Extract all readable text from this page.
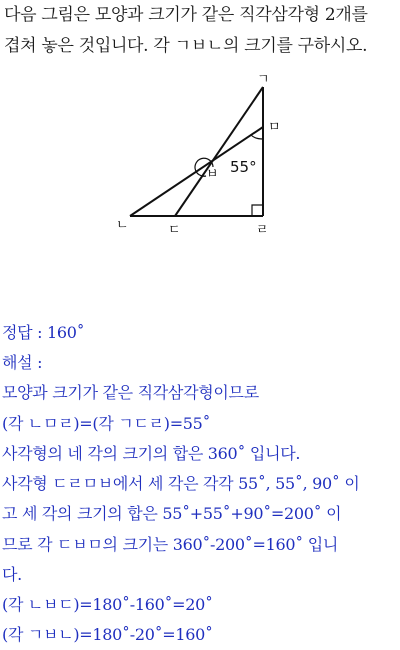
다음 그림은 모양과 크기가 같은 직각삼각형 2개를
겹쳐 놓은 것입니다. 각 ㄱㅂㄴ의 크기를 구하시오.
ㄱ
ㅁ
ㅂ 55°
ㄴ	ㄷ	ㄹ
정답 : 160˚
해설 :
모양과 크기가 같은 직각삼각형이므로
(각 ㄴㅁㄹ)=(각 ㄱㄷㄹ)=55˚
사각형의 네 각의 크기의 합은 360˚ 입니다.
사각형 ㄷㄹㅁㅂ에서 세 각은 각각 55˚, 55˚, 90˚ 이
고 세 각의 크기의 합은 55˚+55˚+90˚=200˚ 이
므로 각 ㄷㅂㅁ의 크기는 360˚-200˚=160˚ 입니
다.
(각 ㄴㅂㄷ)=180˚-160˚=20˚
(각 ㄱㅂㄴ)=180˚-20˚=160˚
